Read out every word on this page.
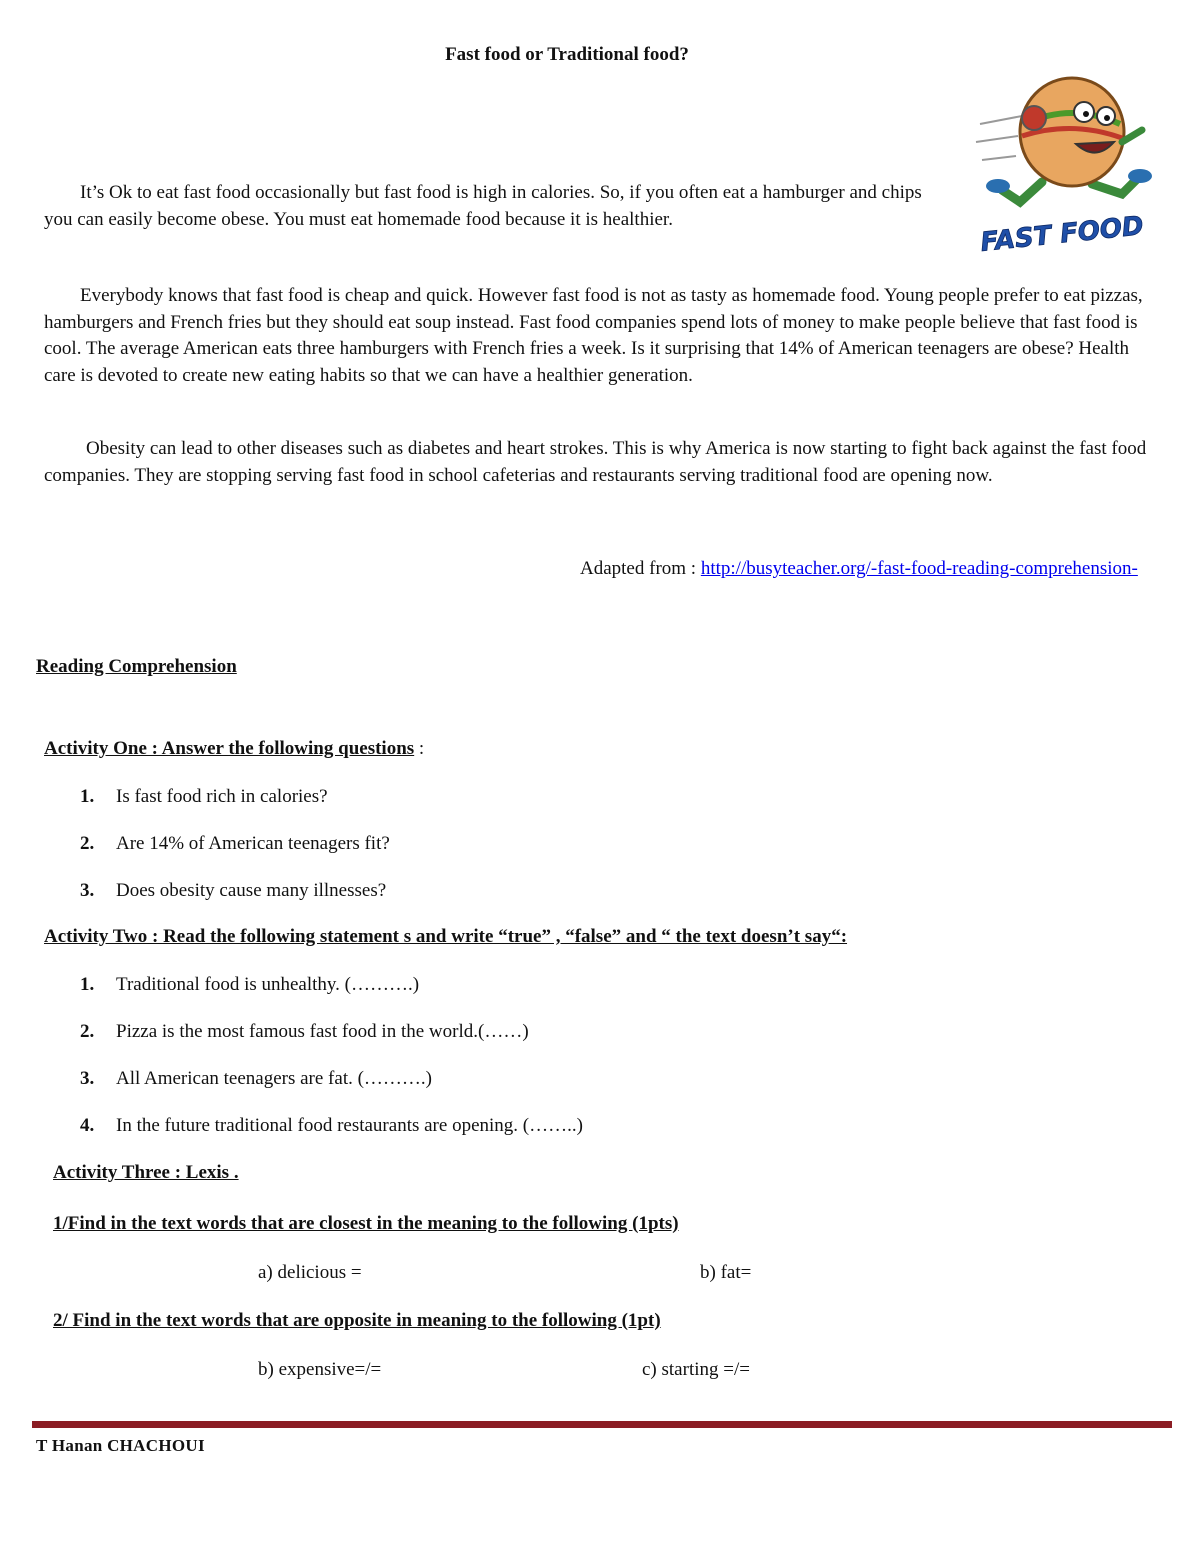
Fast food or Traditional food?
FAST FOOD

It’s Ok to eat fast food occasionally but fast food is high in calories. So, if you often eat a hamburger and chips you can easily become obese. You must eat homemade food because it is healthier.

Everybody knows that fast food is cheap and quick. However fast food is not as tasty as homemade food. Young people prefer to eat pizzas, hamburgers and French fries but they should eat soup instead. Fast food companies spend lots of money to make people believe that fast food is cool. The average American eats three hamburgers with French fries a week. Is it surprising that 14% of American teenagers are obese? Health care is devoted to create new eating habits so that we can have a healthier generation.

Obesity can lead to other diseases such as diabetes and heart strokes. This is why America is now starting to fight back against the fast food companies. They are stopping serving fast food in school cafeterias and restaurants serving traditional food are opening now.

Adapted from : http://busyteacher.org/-fast-food-reading-comprehension-
Reading Comprehension
Activity One : Answer the following questions :
1. Is fast food rich in calories?
2. Are 14% of American teenagers fit?
3. Does obesity cause many illnesses?
Activity Two : Read the following statement s and write “true” , “false” and “ the text doesn’t say“:
1. Traditional food is unhealthy. (……….)
2. Pizza is the most famous fast food in the world.(……)
3. All American teenagers are fat. (……….)
4. In the future traditional food restaurants are opening. (……..)
Activity Three : Lexis .
1/Find in the text words that are closest in the meaning to the following (1pts)
a) delicious =	b) fat=
2/ Find in the text words that are opposite in meaning to the following (1pt)
b) expensive=/=	c) starting =/=
T Hanan CHACHOUI
